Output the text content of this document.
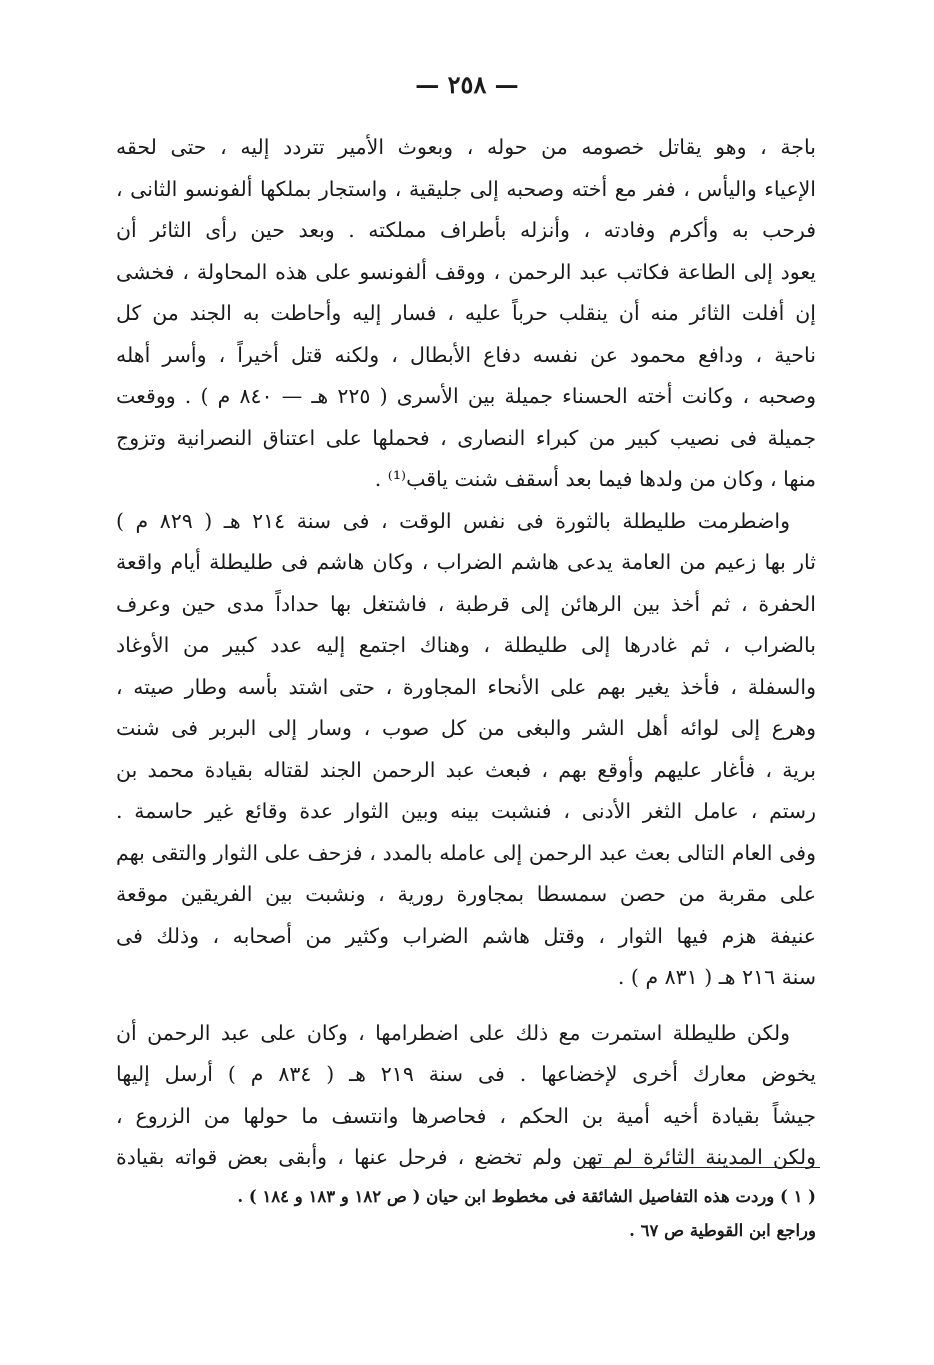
— ٢٥٨ —
باجة ، وهو يقاتل خصومه من حوله ، وبعوث الأمير تتردد إليه ، حتى لحقه
الإعياء واليأس ، ففر مع أخته وصحبه إلى جليقية ، واستجار بملكها ألفونسو الثانى ،
فرحب به وأكرم وفادته ، وأنزله بأطراف مملكته . وبعد حين رأى الثائر أن
يعود إلى الطاعة فكاتب عبد الرحمن ، ووقف ألفونسو على هذه المحاولة ، فخشى
إن أفلت الثائر منه أن ينقلب حرباً عليه ، فسار إليه وأحاطت به الجند من كل
ناحية ، ودافع محمود عن نفسه دفاع الأبطال ، ولكنه قتل أخيراً ، وأسر أهله
وصحبه ، وكانت أخته الحسناء جميلة بين الأسرى ( ٢٢٥ هـ — ٨٤٠ م ) . ووقعت
جميلة فى نصيب كبير من كبراء النصارى ، فحملها على اعتناق النصرانية وتزوج
منها ، وكان من ولدها فيما بعد أسقف شنت ياقب⁽¹⁾ .
واضطرمت طليطلة بالثورة فى نفس الوقت ، فى سنة ٢١٤ هـ ( ٨٢٩ م )
ثار بها زعيم من العامة يدعى هاشم الضراب ، وكان هاشم فى طليطلة أيام واقعة
الحفرة ، ثم أخذ بين الرهائن إلى قرطبة ، فاشتغل بها حداداً مدى حين وعرف
بالضراب ، ثم غادرها إلى طليطلة ، وهناك اجتمع إليه عدد كبير من الأوغاد
والسفلة ، فأخذ يغير بهم على الأنحاء المجاورة ، حتى اشتد بأسه وطار صيته ،
وهرع إلى لوائه أهل الشر والبغى من كل صوب ، وسار إلى البربر فى شنت
برية ، فأغار عليهم وأوقع بهم ، فبعث عبد الرحمن الجند لقتاله بقيادة محمد بن
رستم ، عامل الثغر الأدنى ، فنشبت بينه وبين الثوار عدة وقائع غير حاسمة .
وفى العام التالى بعث عبد الرحمن إلى عامله بالمدد ، فزحف على الثوار والتقى بهم
على مقربة من حصن سمسطا بمجاورة رورية ، ونشبت بين الفريقين موقعة
عنيفة هزم فيها الثوار ، وقتل هاشم الضراب وكثير من أصحابه ، وذلك فى
سنة ٢١٦ هـ ( ٨٣١ م ) .
ولكن طليطلة استمرت مع ذلك على اضطرامها ، وكان على عبد الرحمن أن
يخوض معارك أخرى لإخضاعها . فى سنة ٢١٩ هـ ( ٨٣٤ م ) أرسل إليها
جيشاً بقيادة أخيه أمية بن الحكم ، فحاصرها وانتسف ما حولها من الزروع ،
ولكن المدينة الثائرة لم تهن ولم تخضع ، فرحل عنها ، وأبقى بعض قواته بقيادة
( ١ ) وردت هذه التفاصيل الشائقة فى مخطوط ابن حيان ( ص ١٨٢ و ١٨٣ و ١٨٤ ) .
وراجع ابن القوطية ص ٦٧ .
